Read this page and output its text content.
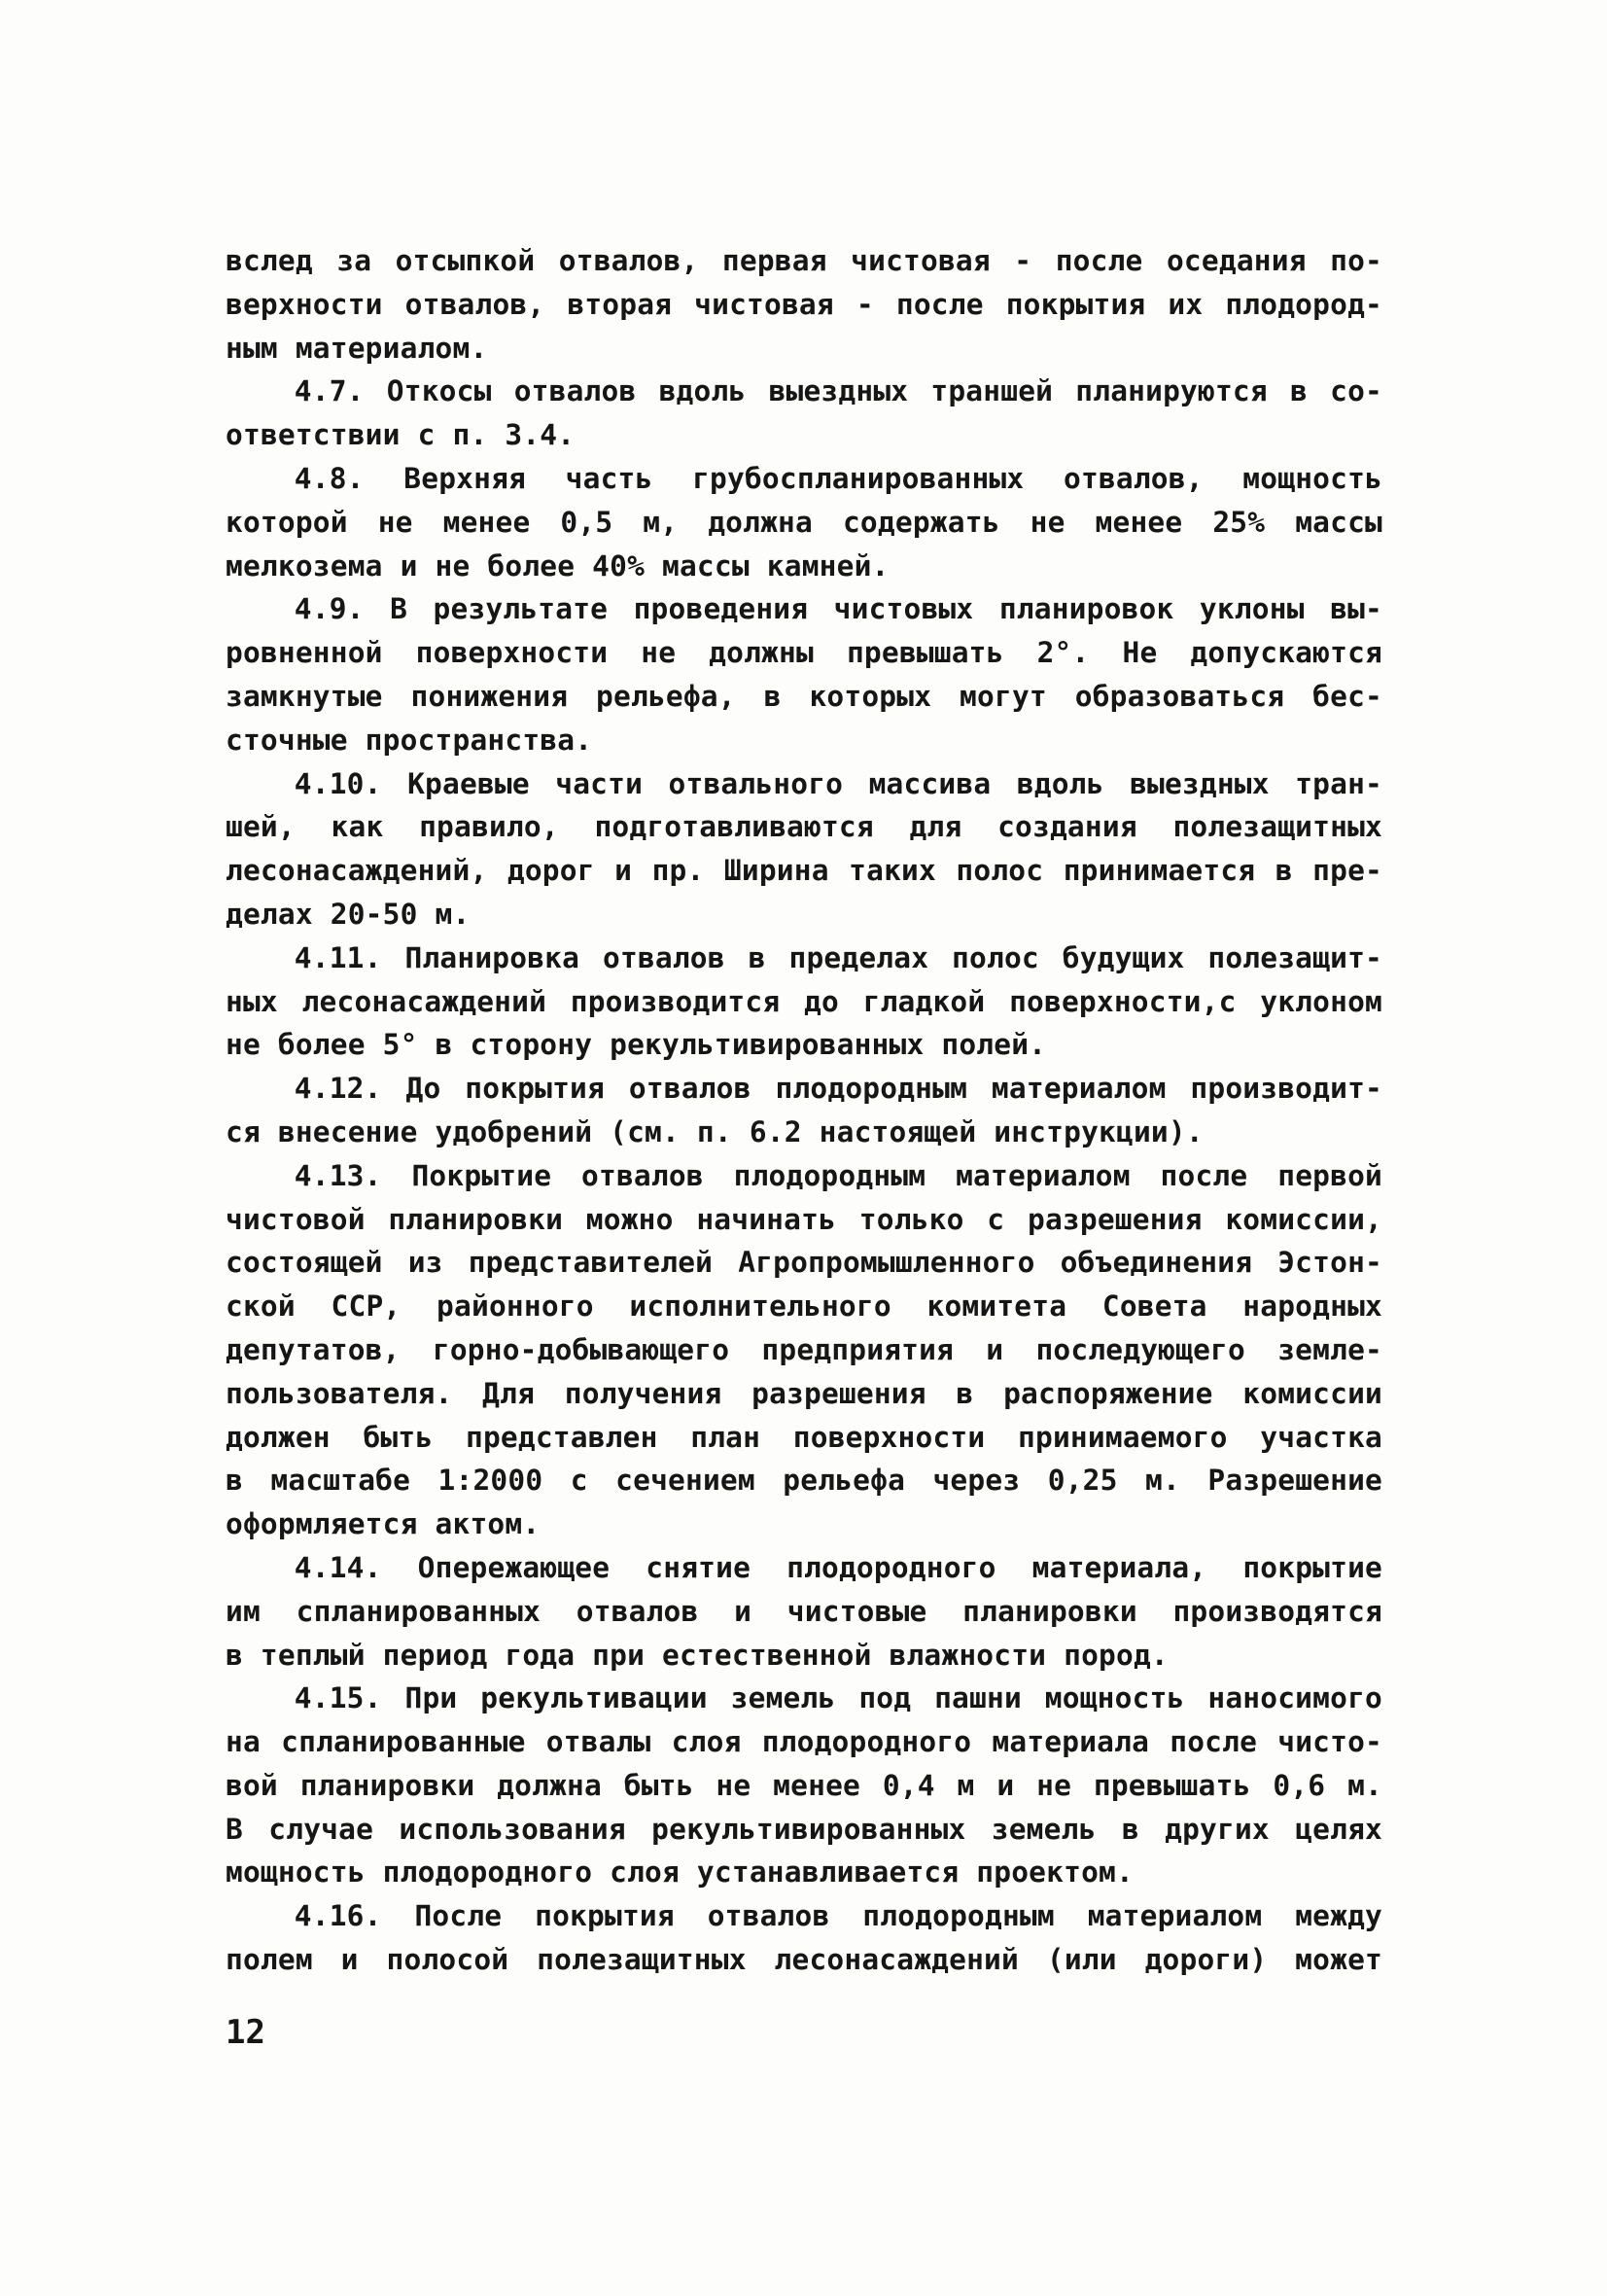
вслед за отсыпкой отвалов, первая чистовая - после оседания по-
верхности отвалов, вторая чистовая - после покрытия их плодород-
ным материалом.
4.7. Откосы отвалов вдоль выездных траншей планируются в со-
ответствии с п. 3.4.
4.8. Верхняя часть грубоспланированных отвалов, мощность
которой не менее 0,5 м, должна содержать не менее 25% массы
мелкозема и не более 40% массы камней.
4.9. В результате проведения чистовых планировок уклоны вы-
ровненной поверхности не должны превышать 2°. Не допускаются
замкнутые понижения рельефа, в которых могут образоваться бес-
сточные пространства.
4.10. Краевые части отвального массива вдоль выездных тран-
шей, как правило, подготавливаются для создания полезащитных
лесонасаждений, дорог и пр. Ширина таких полос принимается в пре-
делах 20-50 м.
4.11. Планировка отвалов в пределах полос будущих полезащит-
ных лесонасаждений производится до гладкой поверхности,с уклоном
не более 5° в сторону рекультивированных полей.
4.12. До покрытия отвалов плодородным материалом производит-
ся внесение удобрений (см. п. 6.2 настоящей инструкции).
4.13. Покрытие отвалов плодородным материалом после первой
чистовой планировки можно начинать только с разрешения комиссии,
состоящей из представителей Агропромышленного объединения Эстон-
ской ССР, районного исполнительного комитета Совета народных
депутатов, горно-добывающего предприятия и последующего земле-
пользователя. Для получения разрешения в распоряжение комиссии
должен быть представлен план поверхности принимаемого участка
в масштабе 1:2000 с сечением рельефа через 0,25 м. Разрешение
оформляется актом.
4.14. Опережающее снятие плодородного материала, покрытие
им спланированных отвалов и чистовые планировки производятся
в теплый период года при естественной влажности пород.
4.15. При рекультивации земель под пашни мощность наносимого
на спланированные отвалы слоя плодородного материала после чисто-
вой планировки должна быть не менее 0,4 м и не превышать 0,6 м.
В случае использования рекультивированных земель в других целях
мощность плодородного слоя устанавливается проектом.
4.16. После покрытия отвалов плодородным материалом между
полем и полосой полезащитных лесонасаждений (или дороги) может
12
